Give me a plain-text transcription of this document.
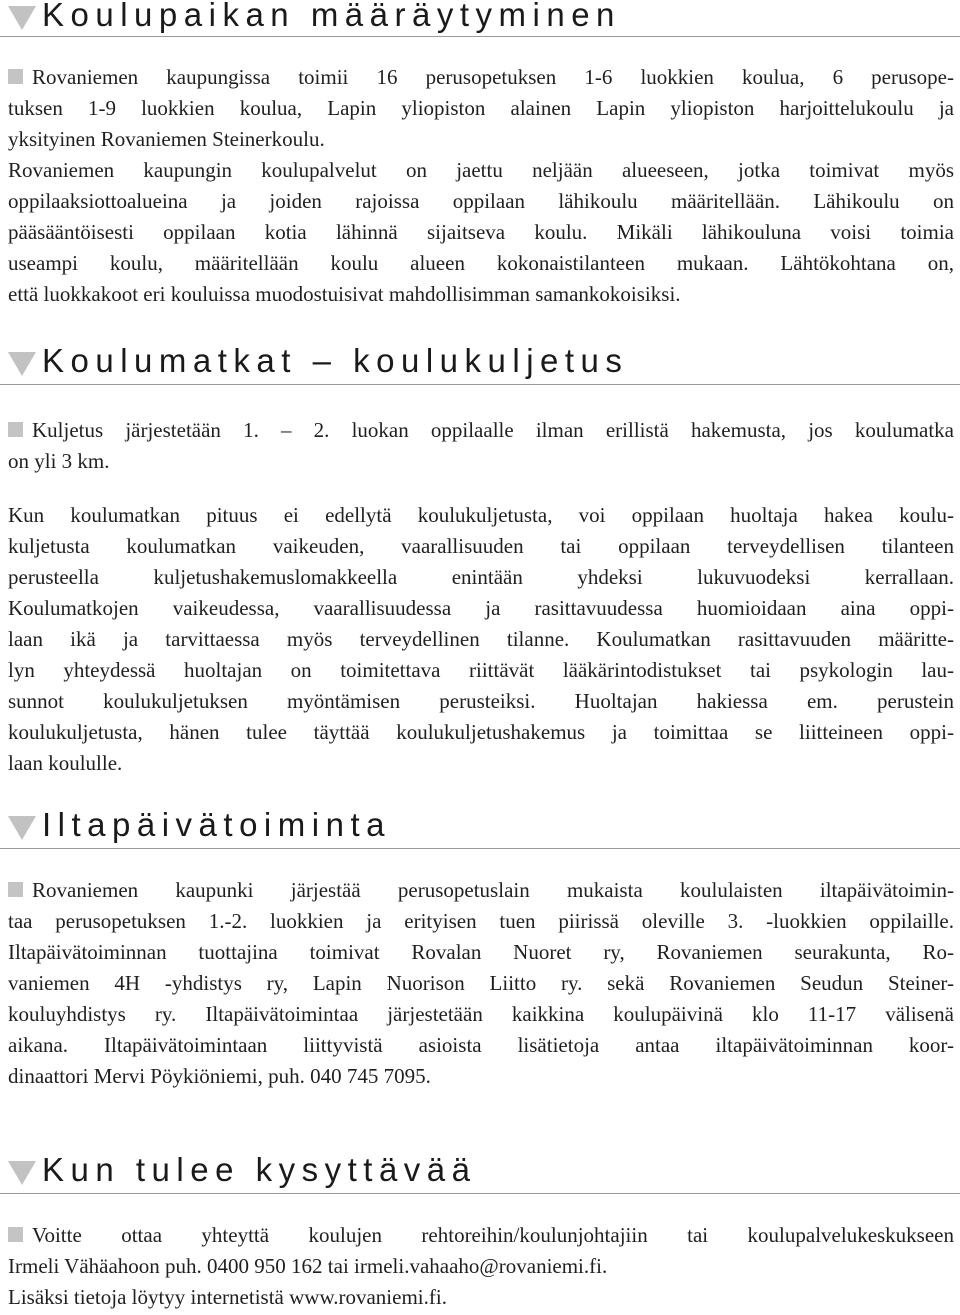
Koulupaikan määräytyminen
Rovaniemen kaupungissa toimii 16 perusopetuksen 1-6 luokkien koulua, 6 perusope-
tuksen 1-9 luokkien koulua, Lapin yliopiston alainen Lapin yliopiston harjoittelukoulu ja
yksityinen Rovaniemen Steinerkoulu.
Rovaniemen kaupungin koulupalvelut on jaettu neljään alueeseen, jotka toimivat myös
oppilaaksiottoalueina ja joiden rajoissa oppilaan lähikoulu määritellään. Lähikoulu on
pääsääntöisesti oppilaan kotia lähinnä sijaitseva koulu. Mikäli lähikouluna voisi toimia
useampi koulu, määritellään koulu alueen kokonaistilanteen mukaan. Lähtökohtana on,
että luokkakoot eri kouluissa muodostuisivat mahdollisimman samankokoisiksi.
Koulumatkat – koulukuljetus
Kuljetus järjestetään 1. – 2. luokan oppilaalle ilman erillistä hakemusta, jos koulumatka
on yli 3 km.
Kun koulumatkan pituus ei edellytä koulukuljetusta, voi oppilaan huoltaja hakea koulu-
kuljetusta koulumatkan vaikeuden, vaarallisuuden tai oppilaan terveydellisen tilanteen
perusteella kuljetushakemuslomakkeella enintään yhdeksi lukuvuodeksi kerrallaan.
Koulumatkojen vaikeudessa, vaarallisuudessa ja rasittavuudessa huomioidaan aina oppi-
laan ikä ja tarvittaessa myös terveydellinen tilanne. Koulumatkan rasittavuuden määritte-
lyn yhteydessä huoltajan on toimitettava riittävät lääkärintodistukset tai psykologin lau-
sunnot koulukuljetuksen myöntämisen perusteiksi. Huoltajan hakiessa em. perustein
koulukuljetusta, hänen tulee täyttää koulukuljetushakemus ja toimittaa se liitteineen oppi-
laan koululle.
Iltapäivätoiminta
Rovaniemen kaupunki järjestää perusopetuslain mukaista koululaisten iltapäivätoimin-
taa perusopetuksen 1.-2. luokkien ja erityisen tuen piirissä oleville 3. -luokkien oppilaille.
Iltapäivätoiminnan tuottajina toimivat Rovalan Nuoret ry, Rovaniemen seurakunta, Ro-
vaniemen 4H -yhdistys ry, Lapin Nuorison Liitto ry. sekä Rovaniemen Seudun Steiner-
kouluyhdistys ry. Iltapäivätoimintaa järjestetään kaikkina koulupäivinä klo 11-17 välisenä
aikana. Iltapäivätoimintaan liittyvistä asioista lisätietoja antaa iltapäivätoiminnan koor-
dinaattori Mervi Pöykiöniemi, puh. 040 745 7095.
Kun tulee kysyttävää
Voitte ottaa yhteyttä koulujen rehtoreihin/koulunjohtajiin tai koulupalvelukeskukseen
Irmeli Vähäahoon puh. 0400 950 162 tai irmeli.vahaaho@rovaniemi.fi.
Lisäksi tietoja löytyy internetistä www.rovaniemi.fi.
